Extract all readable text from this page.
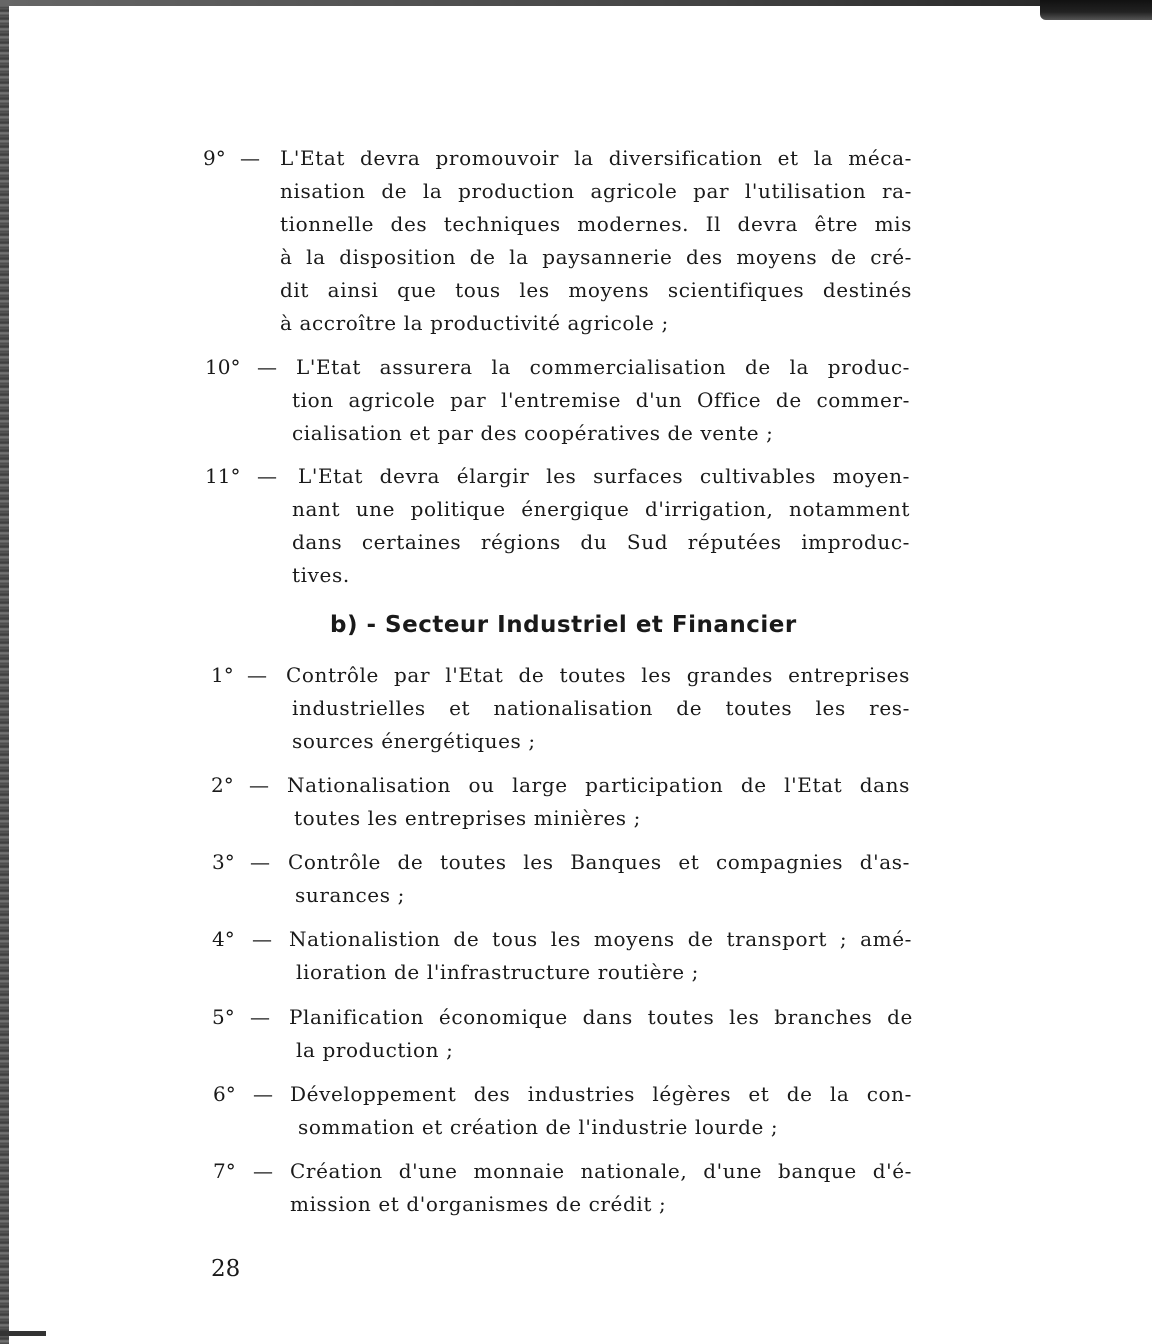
9° — L'Etat devra promouvoir la diversification et la méca-
nisation de la production agricole par l'utilisation ra-
tionnelle des techniques modernes. Il devra être mis
à la disposition de la paysannerie des moyens de cré-
dit ainsi que tous les moyens scientifiques destinés
à accroître la productivité agricole ;
10° — L'Etat assurera la commercialisation de la produc-
tion agricole par l'entremise d'un Office de commer-
cialisation et par des coopératives de vente ;
11° — L'Etat devra élargir les surfaces cultivables moyen-
nant une politique énergique d'irrigation, notamment
dans certaines régions du Sud réputées improduc-
tives.
b) - Secteur Industriel et Financier
1° — Contrôle par l'Etat de toutes les grandes entreprises
industrielles et nationalisation de toutes les res-
sources énergétiques ;
2° — Nationalisation ou large participation de l'Etat dans
toutes les entreprises minières ;
3° — Contrôle de toutes les Banques et compagnies d'as-
surances ;
4° — Nationalistion de tous les moyens de transport ; amé-
lioration de l'infrastructure routière ;
5° — Planification économique dans toutes les branches de
la production ;
6° — Développement des industries légères et de la con-
sommation et création de l'industrie lourde ;
7° — Création d'une monnaie nationale, d'une banque d'é-
mission et d'organismes de crédit ;
28
